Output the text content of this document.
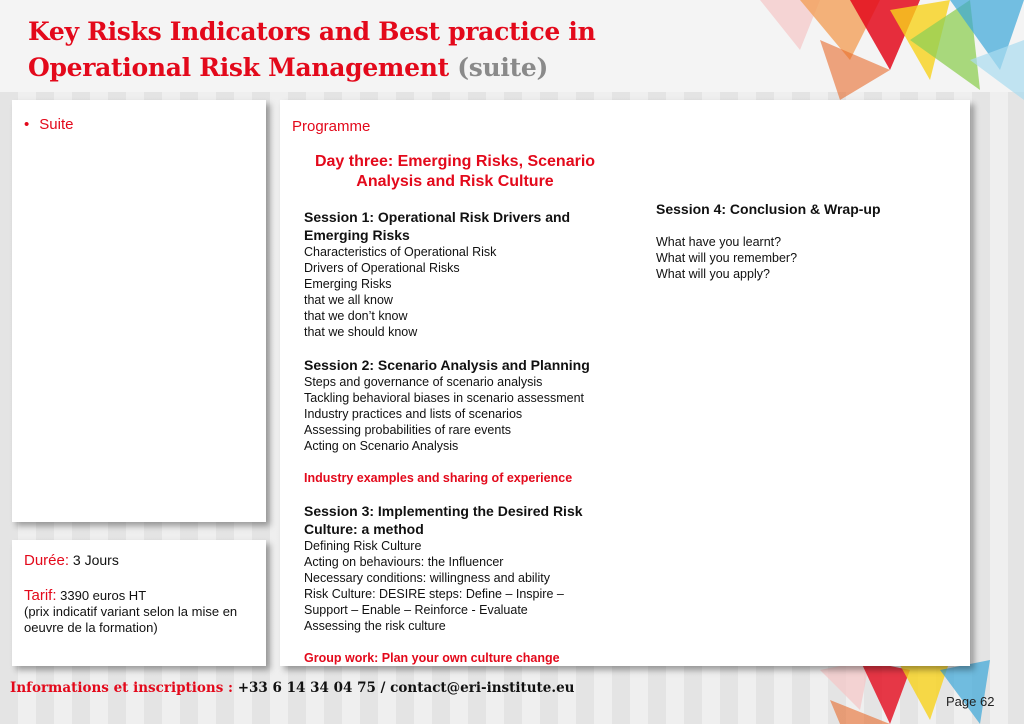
Key Risks Indicators and Best practice in Operational Risk Management (suite)
• Suite
Durée: 3 Jours
Tarif: 3390 euros HT
(prix indicatif variant selon la mise en oeuvre de la formation)
Programme
Day three: Emerging Risks, Scenario Analysis and Risk Culture
Session 1: Operational Risk Drivers and Emerging Risks
Characteristics of Operational Risk
Drivers of Operational Risks
Emerging Risks
that we all know
that we don’t know
that we should know
Session 2: Scenario Analysis and Planning
Steps and governance of scenario analysis
Tackling behavioral biases in scenario assessment
Industry practices and lists of scenarios
Assessing probabilities of rare events
Acting on Scenario Analysis
Industry examples and sharing of experience
Session 3: Implementing the Desired Risk Culture: a method
Defining Risk Culture
Acting on behaviours: the Influencer
Necessary conditions: willingness and ability
Risk Culture: DESIRE steps: Define – Inspire –
Support – Enable – Reinforce - Evaluate
Assessing the risk culture
Group work: Plan your own culture change
Session 4: Conclusion & Wrap-up
What have you learnt?
What will you remember?
What will you apply?
Informations et inscriptions : +33 6 14 34 04 75 / contact@eri-institute.eu
Page 62
